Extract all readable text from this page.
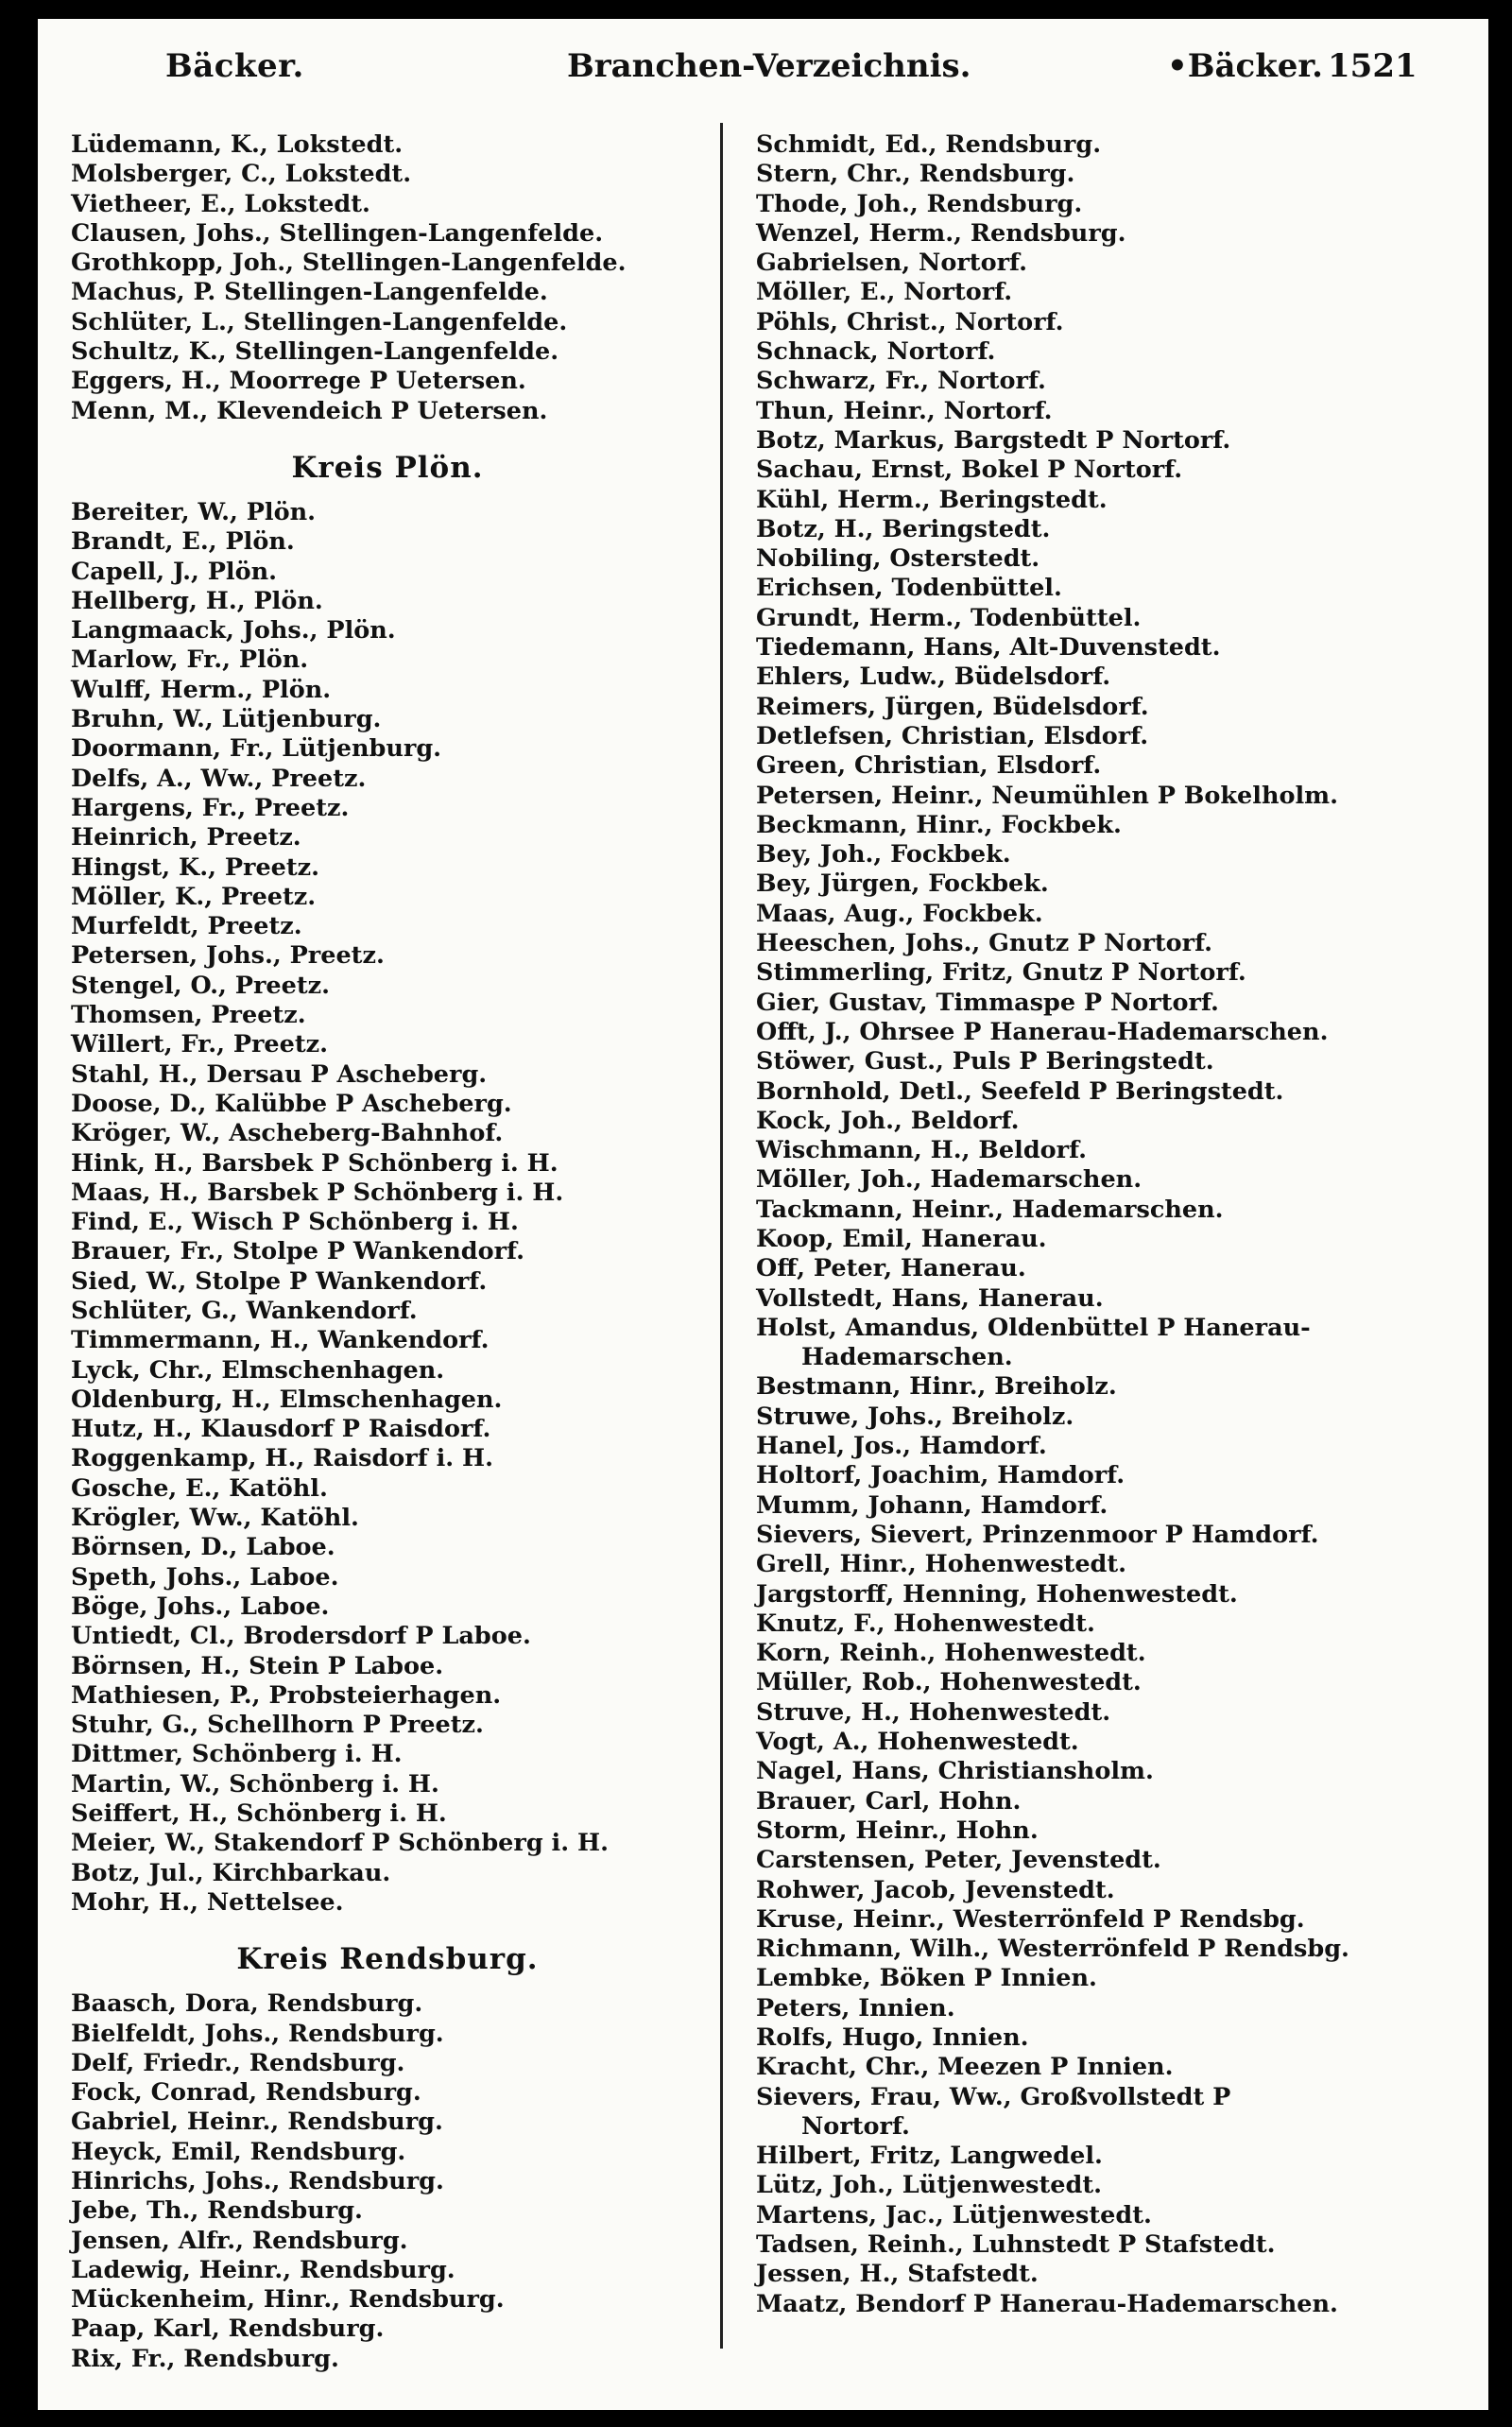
Bäcker.	Branchen-Verzeichnis.	•Bäcker. 1521
Lüdemann, K., Lokstedt.
Molsberger, C., Lokstedt.
Viethеer, E., Lokstedt.
Clausen, Johs., Stellingen-Langenfelde.
Grothkopp, Joh., Stellingen-Langenfelde.
Machus, P. Stellingen-Langenfelde.
Schlüter, L., Stellingen-Langenfelde.
Schultz, K., Stellingen-Langenfelde.
Eggers, H., Moorrege P Uetersen.
Menn, M., Klevendeich P Uetersen.
Kreis Plön.
Bereiter, W., Plön.
Brandt, E., Plön.
Capell, J., Plön.
Hellberg, H., Plön.
Langmaack, Johs., Plön.
Marlow, Fr., Plön.
Wulff, Herm., Plön.
Bruhn, W., Lütjenburg.
Doormann, Fr., Lütjenburg.
Delfs, A., Ww., Preetz.
Hargens, Fr., Preetz.
Heinrich, Preetz.
Hingst, K., Preetz.
Möller, K., Preetz.
Murfeldt, Preetz.
Petersen, Johs., Preetz.
Stengel, O., Preetz.
Thomsen, Preetz.
Willert, Fr., Preetz.
Stahl, H., Dersau P Ascheberg.
Doose, D., Kalübbe P Ascheberg.
Kröger, W., Ascheberg-Bahnhof.
Hink, H., Barsbek P Schönberg i. H.
Maas, H., Barsbek P Schönberg i. H.
Find, E., Wisch P Schönberg i. H.
Brauer, Fr., Stolpe P Wankendorf.
Sied, W., Stolpe P Wankendorf.
Schlüter, G., Wankendorf.
Timmermann, H., Wankendorf.
Lyck, Chr., Elmschenhagen.
Oldenburg, H., Elmschenhagen.
Hutz, H., Klausdorf P Raisdorf.
Roggenkamp, H., Raisdorf i. H.
Gosche, E., Katöhl.
Krögler, Ww., Katöhl.
Börnsen, D., Laboe.
Speth, Johs., Laboe.
Böge, Johs., Laboe.
Untiedt, Cl., Brodersdorf P Laboe.
Börnsen, H., Stein P Laboe.
Mathiesen, P., Probsteierhagen.
Stuhr, G., Schellhorn P Preetz.
Dittmer, Schönberg i. H.
Martin, W., Schönberg i. H.
Seiffert, H., Schönberg i. H.
Meier, W., Stakendorf P Schönberg i. H.
Botz, Jul., Kirchbarkau.
Mohr, H., Nettelsee.
Kreis Rendsburg.
Baasch, Dora, Rendsburg.
Bielfeldt, Johs., Rendsburg.
Delf, Friedr., Rendsburg.
Fock, Conrad, Rendsburg.
Gabriel, Heinr., Rendsburg.
Heyck, Emil, Rendsburg.
Hinrichs, Johs., Rendsburg.
Jebe, Th., Rendsburg.
Jensen, Alfr., Rendsburg.
Ladewig, Heinr., Rendsburg.
Mückenheim, Hinr., Rendsburg.
Paap, Karl, Rendsburg.
Rix, Fr., Rendsburg.
Schmidt, Ed., Rendsburg.
Stern, Chr., Rendsburg.
Thode, Joh., Rendsburg.
Wenzel, Herm., Rendsburg.
Gabrielsen, Nortorf.
Möller, E., Nortorf.
Pöhls, Christ., Nortorf.
Schnack, Nortorf.
Schwarz, Fr., Nortorf.
Thun, Heinr., Nortorf.
Botz, Markus, Bargstedt P Nortorf.
Sachau, Ernst, Bokel P Nortorf.
Kühl, Herm., Beringstedt.
Botz, H., Beringstedt.
Nobiling, Osterstedt.
Erichsen, Todenbüttel.
Grundt, Herm., Todenbüttel.
Tiedemann, Hans, Alt-Duvenstedt.
Ehlers, Ludw., Büdelsdorf.
Reimers, Jürgen, Büdelsdorf.
Detlefsen, Christian, Elsdorf.
Green, Christian, Elsdorf.
Petersen, Heinr., Neumühlen P Bokelholm.
Beckmann, Hinr., Fockbek.
Bey, Joh., Fockbek.
Bey, Jürgen, Fockbek.
Maas, Aug., Fockbek.
Heeschen, Johs., Gnutz P Nortorf.
Stimmerling, Fritz, Gnutz P Nortorf.
Gier, Gustav, Timmaspe P Nortorf.
Offt, J., Ohrsee P Hanerau-Hademarschen.
Stöwer, Gust., Puls P Beringstedt.
Bornhold, Detl., Seefeld P Beringstedt.
Kock, Joh., Beldorf.
Wischmann, H., Beldorf.
Möller, Joh., Hademarschen.
Tackmann, Heinr., Hademarschen.
Koop, Emil, Hanerau.
Off, Peter, Hanerau.
Vollstedt, Hans, Hanerau.
Holst, Amandus, Oldenbüttel P Hanerau-
Hademarschen.
Bestmann, Hinr., Breiholz.
Struwe, Johs., Breiholz.
Hanel, Jos., Hamdorf.
Holtorf, Joachim, Hamdorf.
Mumm, Johann, Hamdorf.
Sievers, Sievert, Prinzenmoor P Hamdorf.
Grell, Hinr., Hohenwestedt.
Jargstorff, Henning, Hohenwestedt.
Knutz, F., Hohenwestedt.
Korn, Reinh., Hohenwestedt.
Müller, Rob., Hohenwestedt.
Struve, H., Hohenwestedt.
Vogt, A., Hohenwestedt.
Nagel, Hans, Christiansholm.
Brauer, Carl, Hohn.
Storm, Heinr., Hohn.
Carstensen, Peter, Jevenstedt.
Rohwer, Jacob, Jevenstedt.
Kruse, Heinr., Westerrönfeld P Rendsbg.
Richmann, Wilh., Westerrönfeld P Rendsbg.
Lembke, Böken P Innien.
Peters, Innien.
Rolfs, Hugo, Innien.
Kracht, Chr., Meezen P Innien.
Sievers, Frau, Ww., Großvollstedt P
Nortorf.
Hilbert, Fritz, Langwedel.
Lütz, Joh., Lütjenwestedt.
Martens, Jac., Lütjenwestedt.
Tadsen, Reinh., Luhnstedt P Stafstedt.
Jessen, H., Stafstedt.
Maatz, Bendorf P Hanerau-Hademarschen.
